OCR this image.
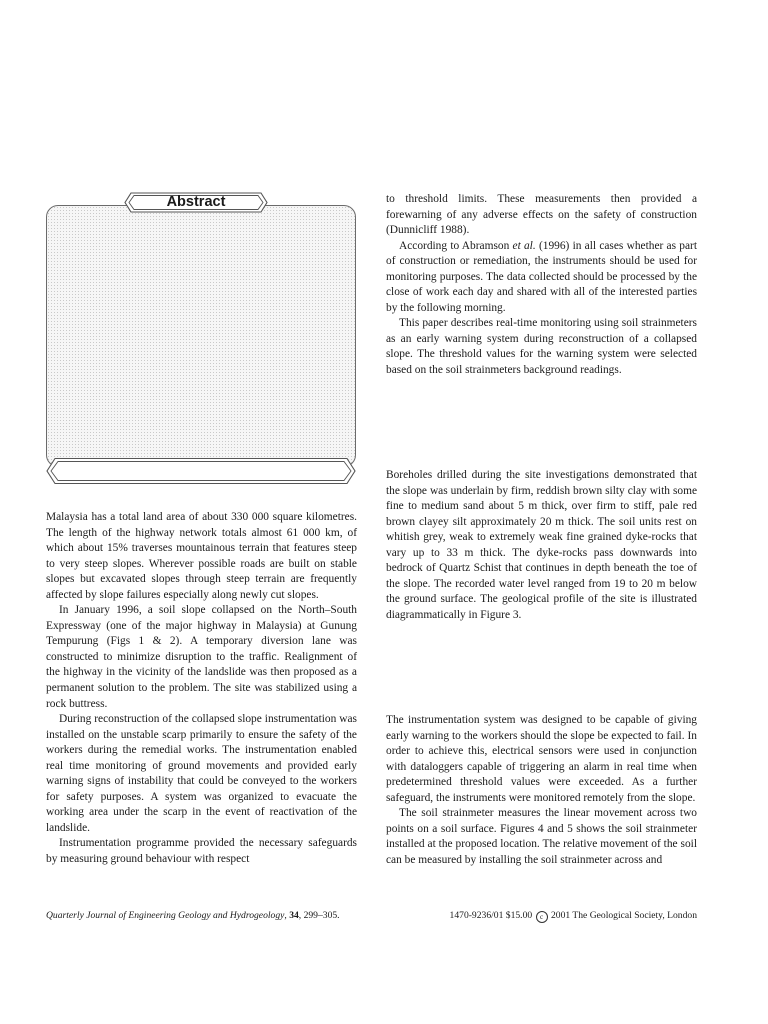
Abstract

Malaysia has a total land area of about 330 000 square kilometres. The length of the highway network totals almost 61 000 km, of which about 15% traverses mountainous terrain that features steep to very steep slopes. Wherever possible roads are built on stable slopes but excavated slopes through steep terrain are frequently affected by slope failures especially along newly cut slopes.

In January 1996, a soil slope collapsed on the North–South Expressway (one of the major highway in Malaysia) at Gunung Tempurung (Figs 1 & 2). A temporary diversion lane was constructed to minimize disruption to the traffic. Realignment of the highway in the vicinity of the landslide was then proposed as a permanent solution to the problem. The site was stabilized using a rock buttress.

During reconstruction of the collapsed slope instrumentation was installed on the unstable scarp primarily to ensure the safety of the workers during the remedial works. The instrumentation enabled real time monitoring of ground movements and provided early warning signs of instability that could be conveyed to the workers for safety purposes. A system was organized to evacuate the working area under the scarp in the event of reactivation of the landslide.

Instrumentation programme provided the necessary safeguards by measuring ground behaviour with respect

to threshold limits. These measurements then provided a forewarning of any adverse effects on the safety of construction (Dunnicliff 1988).

According to Abramson et al. (1996) in all cases whether as part of construction or remediation, the instruments should be used for monitoring purposes. The data collected should be processed by the close of work each day and shared with all of the interested parties by the following morning.

This paper describes real-time monitoring using soil strainmeters as an early warning system during reconstruction of a collapsed slope. The threshold values for the warning system were selected based on the soil strainmeters background readings.

Boreholes drilled during the site investigations demonstrated that the slope was underlain by firm, reddish brown silty clay with some fine to medium sand about 5 m thick, over firm to stiff, pale red brown clayey silt approximately 20 m thick. The soil units rest on whitish grey, weak to extremely weak fine grained dyke-rocks that vary up to 33 m thick. The dyke-rocks pass downwards into bedrock of Quartz Schist that continues in depth beneath the toe of the slope. The recorded water level ranged from 19 to 20 m below the ground surface. The geological profile of the site is illustrated diagrammatically in Figure 3.

The instrumentation system was designed to be capable of giving early warning to the workers should the slope be expected to fail. In order to achieve this, electrical sensors were used in conjunction with dataloggers capable of triggering an alarm in real time when predetermined threshold values were exceeded. As a further safeguard, the instruments were monitored remotely from the slope.

The soil strainmeter measures the linear movement across two points on a soil surface. Figures 4 and 5 shows the soil strainmeter installed at the proposed location. The relative movement of the soil can be measured by installing the soil strainmeter across and

Quarterly Journal of Engineering Geology and Hydrogeology, 34, 299–305.	1470-9236/01 $15.00 c 2001 The Geological Society, London
